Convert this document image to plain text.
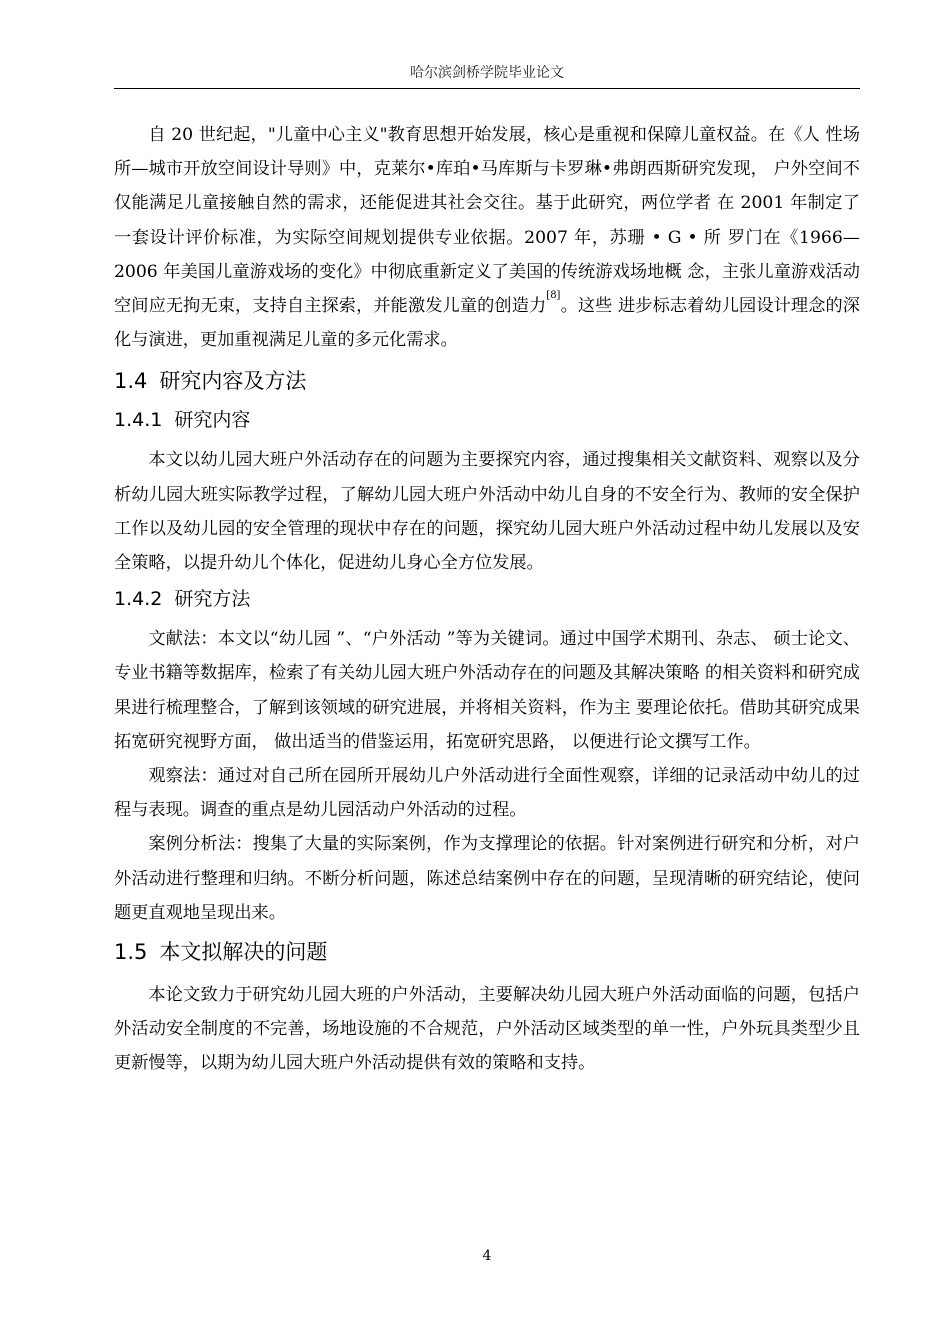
哈尔滨剑桥学院毕业论文

自 20 世纪起，"儿童中心主义"教育思想开始发展，核心是重视和保障儿童权益。在《人 性场所—城市开放空间设计导则》中，克莱尔•库珀•马库斯与卡罗琳•弗朗西斯研究发现， 户外空间不仅能满足儿童接触自然的需求，还能促进其社会交往。基于此研究，两位学者 在 2001 年制定了一套设计评价标准，为实际空间规划提供专业依据。2007 年，苏珊 • G • 所 罗门在《1966—2006 年美国儿童游戏场的变化》中彻底重新定义了美国的传统游戏场地概 念，主张儿童游戏活动空间应无拘无束，支持自主探索，并能激发儿童的创造力[8]。这些 进步标志着幼儿园设计理念的深化与演进，更加重视满足儿童的多元化需求。

1.4 研究内容及方法
1.4.1 研究内容

本文以幼儿园大班户外活动存在的问题为主要探究内容，通过搜集相关文献资料、观察以及分析幼儿园大班实际教学过程，了解幼儿园大班户外活动中幼儿自身的不安全行为、教师的安全保护工作以及幼儿园的安全管理的现状中存在的问题，探究幼儿园大班户外活动过程中幼儿发展以及安全策略，以提升幼儿个体化，促进幼儿身心全方位发展。

1.4.2 研究方法

文献法：本文以“幼儿园 ”、“户外活动 ”等为关键词。通过中国学术期刊、杂志、 硕士论文、专业书籍等数据库，检索了有关幼儿园大班户外活动存在的问题及其解决策略 的相关资料和研究成果进行梳理整合，了解到该领域的研究进展，并将相关资料，作为主 要理论依托。借助其研究成果拓宽研究视野方面， 做出适当的借鉴运用，拓宽研究思路， 以便进行论文撰写工作。

观察法：通过对自己所在园所开展幼儿户外活动进行全面性观察，详细的记录活动中幼儿的过程与表现。调查的重点是幼儿园活动户外活动的过程。

案例分析法：搜集了大量的实际案例，作为支撑理论的依据。针对案例进行研究和分析，对户外活动进行整理和归纳。不断分析问题，陈述总结案例中存在的问题，呈现清晰的研究结论，使问题更直观地呈现出来。

1.5 本文拟解决的问题

本论文致力于研究幼儿园大班的户外活动，主要解决幼儿园大班户外活动面临的问题，包括户外活动安全制度的不完善，场地设施的不合规范，户外活动区域类型的单一性，户外玩具类型少且更新慢等，以期为幼儿园大班户外活动提供有效的策略和支持。

4
